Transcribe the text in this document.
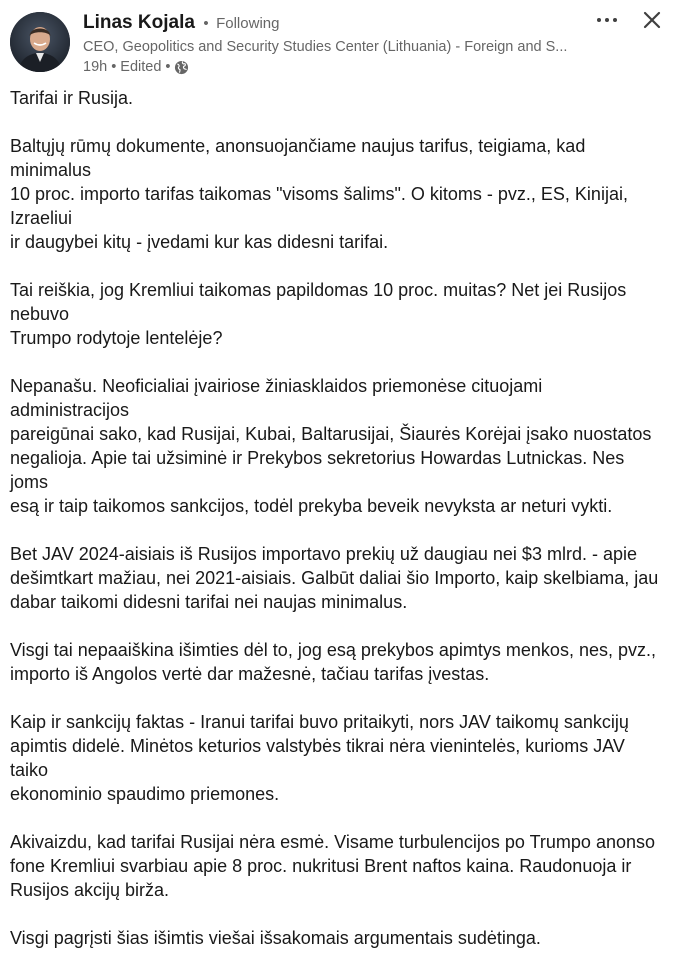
Linas Kojala • Following
CEO, Geopolitics and Security Studies Center (Lithuania) - Foreign and S...
19h • Edited •

Tarifai ir Rusija.

Baltųjų rūmų dokumente, anonsuojančiame naujus tarifus, teigiama, kad minimalus
10 proc. importo tarifas taikomas "visoms šalims". O kitoms - pvz., ES, Kinijai, Izraeliui
ir daugybei kitų - įvedami kur kas didesni tarifai.

Tai reiškia, jog Kremliui taikomas papildomas 10 proc. muitas? Net jei Rusijos nebuvo
Trumpo rodytoje lentelėje?

Nepanašu. Neoficialiai įvairiose žiniasklaidos priemonėse cituojami administracijos
pareigūnai sako, kad Rusijai, Kubai, Baltarusijai, Šiaurės Korėjai įsako nuostatos
negalioja. Apie tai užsiminė ir Prekybos sekretorius Howardas Lutnickas. Nes joms
esą ir taip taikomos sankcijos, todėl prekyba beveik nevyksta ar neturi vykti.

Bet JAV 2024-aisiais iš Rusijos importavo prekių už daugiau nei $3 mlrd. - apie
dešimtkart mažiau, nei 2021-aisiais. Galbūt daliai šio Importo, kaip skelbiama, jau
dabar taikomi didesni tarifai nei naujas minimalus.

Visgi tai nepaaiškina išimties dėl to, jog esą prekybos apimtys menkos, nes, pvz.,
importo iš Angolos vertė dar mažesnė, tačiau tarifas įvestas.

Kaip ir sankcijų faktas - Iranui tarifai buvo pritaikyti, nors JAV taikomų sankcijų
apimtis didelė. Minėtos keturios valstybės tikrai nėra vienintelės, kurioms JAV taiko
ekonominio spaudimo priemones.

Akivaizdu, kad tarifai Rusijai nėra esmė. Visame turbulencijos po Trumpo anonso
fone Kremliui svarbiau apie 8 proc. nukritusi Brent naftos kaina. Raudonuoja ir
Rusijos akcijų birža.

Visgi pagrįsti šias išimtis viešai išsakomais argumentais sudėtinga.
